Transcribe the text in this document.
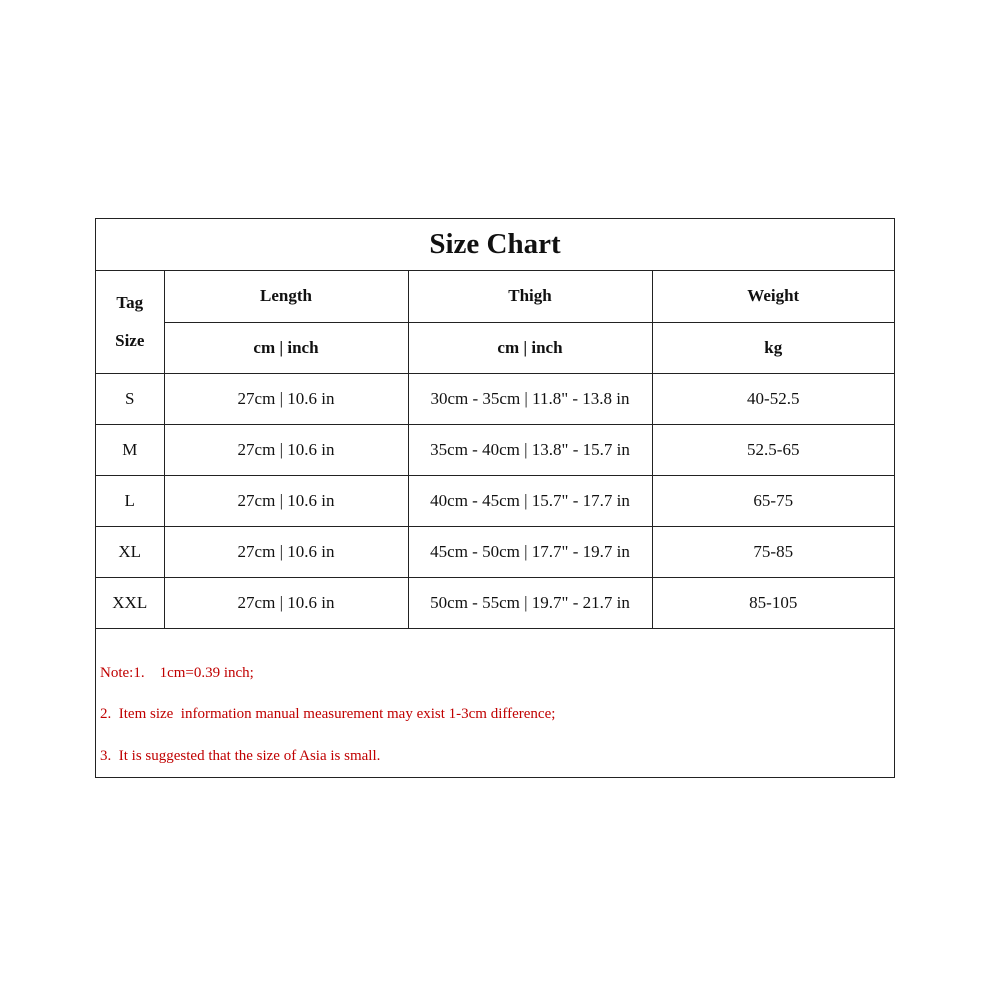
Size Chart
Tag
Size	Length	Thigh	Weight
	cm | inch	cm | inch	kg
S	27cm | 10.6 in	30cm - 35cm | 11.8" - 13.8 in	40-52.5
M	27cm | 10.6 in	35cm - 40cm | 13.8" - 15.7 in	52.5-65
L	27cm | 10.6 in	40cm - 45cm | 15.7" - 17.7 in	65-75
XL	27cm | 10.6 in	45cm - 50cm | 17.7" - 19.7 in	75-85
XXL	27cm | 10.6 in	50cm - 55cm | 19.7" - 21.7 in	85-105
Note:1.    1cm=0.39 inch;
2.  Item size  information manual measurement may exist 1-3cm difference;
3.  It is suggested that the size of Asia is small.
